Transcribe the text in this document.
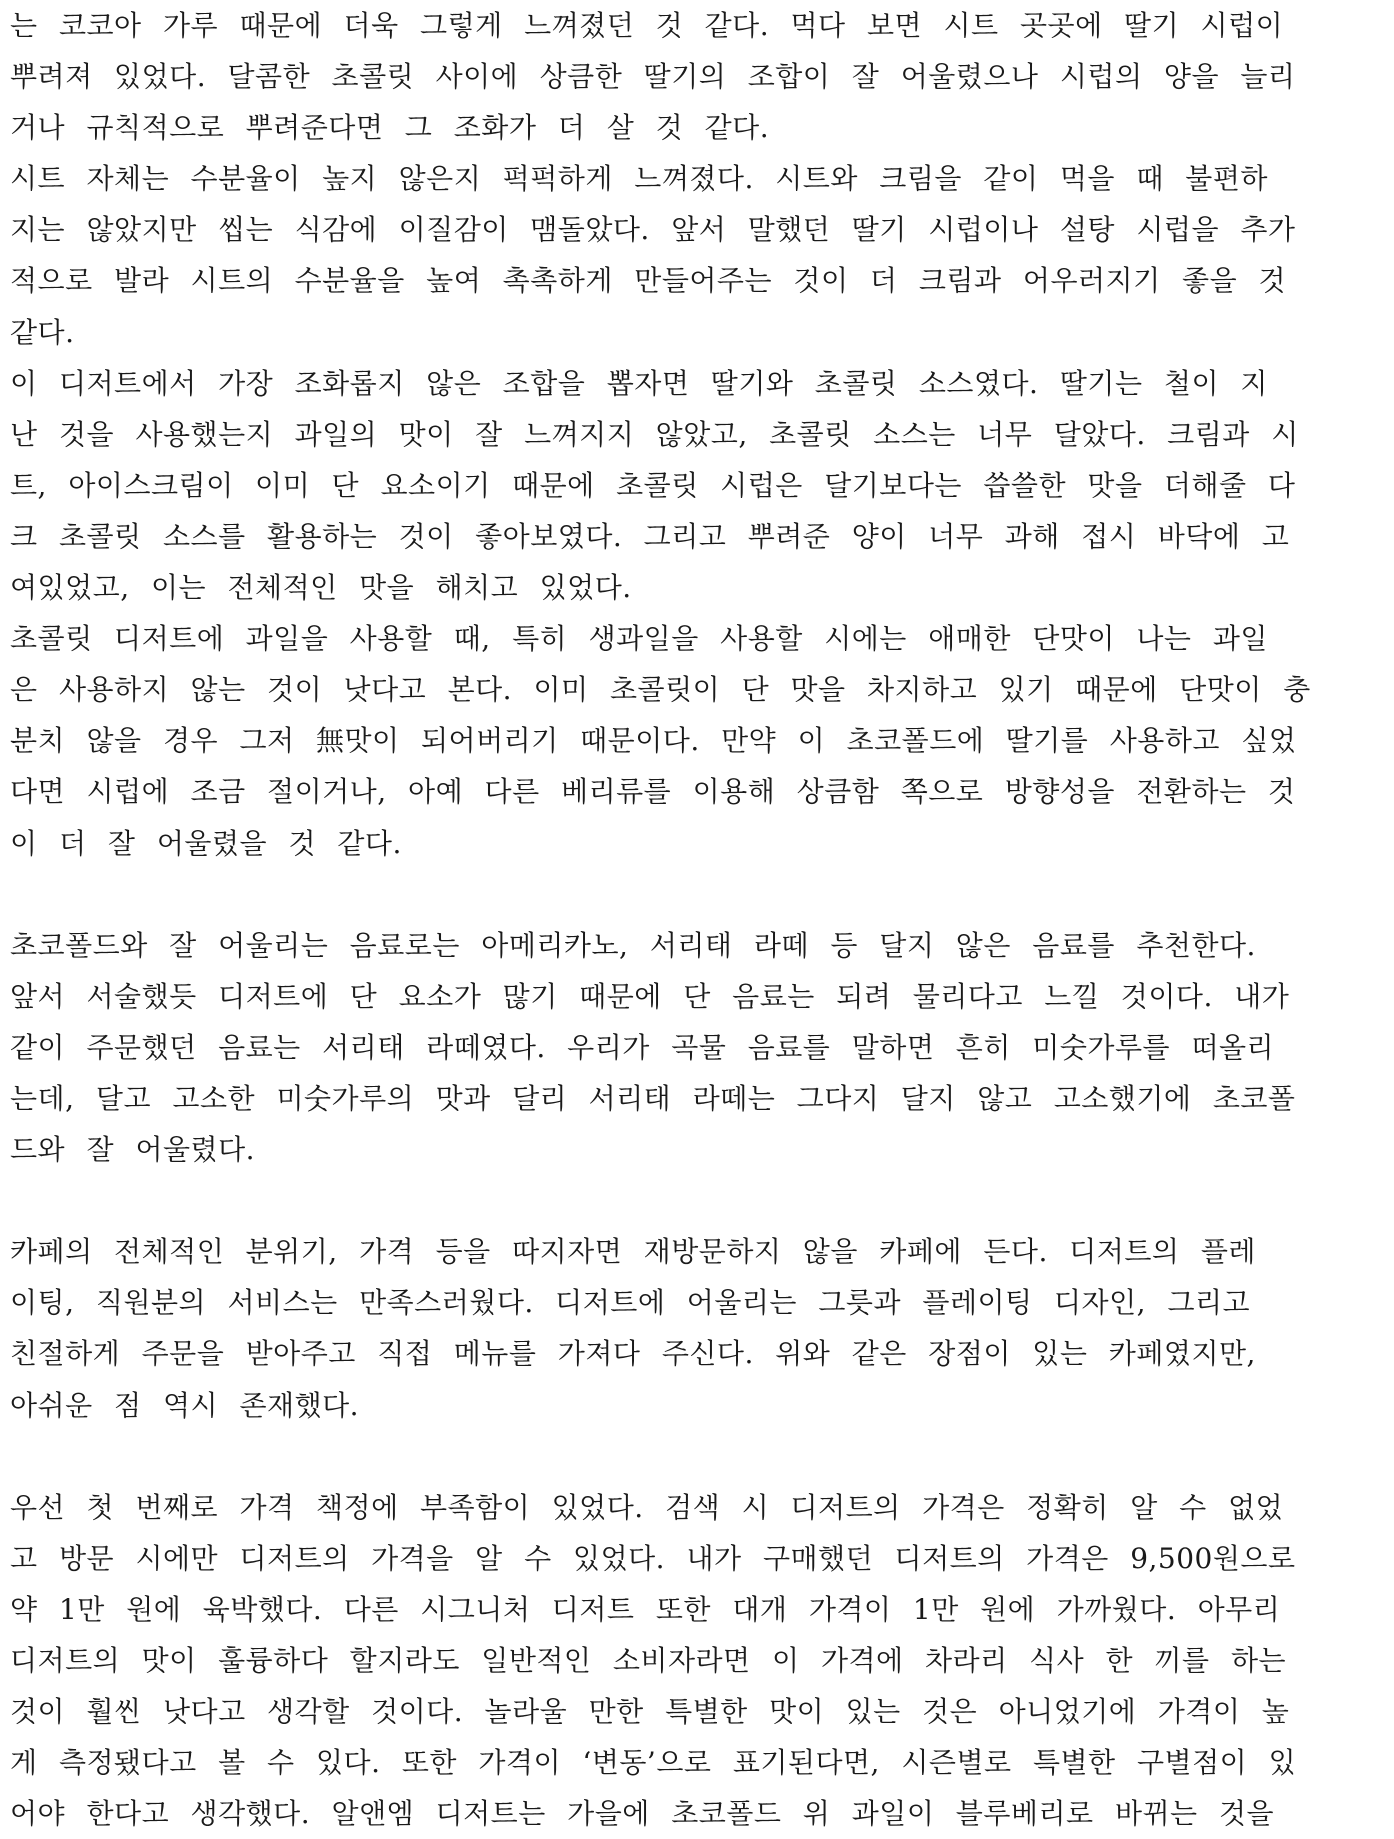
는 코코아 가루 때문에 더욱 그렇게 느껴졌던 것 같다. 먹다 보면 시트 곳곳에 딸기 시럽이
뿌려져 있었다. 달콤한 초콜릿 사이에 상큼한 딸기의 조합이 잘 어울렸으나 시럽의 양을 늘리
거나 규칙적으로 뿌려준다면 그 조화가 더 살 것 같다.
시트 자체는 수분율이 높지 않은지 퍽퍽하게 느껴졌다. 시트와 크림을 같이 먹을 때 불편하
지는 않았지만 씹는 식감에 이질감이 맴돌았다. 앞서 말했던 딸기 시럽이나 설탕 시럽을 추가
적으로 발라 시트의 수분율을 높여 촉촉하게 만들어주는 것이 더 크림과 어우러지기 좋을 것
같다.
이 디저트에서 가장 조화롭지 않은 조합을 뽑자면 딸기와 초콜릿 소스였다. 딸기는 철이 지
난 것을 사용했는지 과일의 맛이 잘 느껴지지 않았고, 초콜릿 소스는 너무 달았다. 크림과 시
트, 아이스크림이 이미 단 요소이기 때문에 초콜릿 시럽은 달기보다는 씁쓸한 맛을 더해줄 다
크 초콜릿 소스를 활용하는 것이 좋아보였다. 그리고 뿌려준 양이 너무 과해 접시 바닥에 고
여있었고, 이는 전체적인 맛을 해치고 있었다.
초콜릿 디저트에 과일을 사용할 때, 특히 생과일을 사용할 시에는 애매한 단맛이 나는 과일
은 사용하지 않는 것이 낫다고 본다. 이미 초콜릿이 단 맛을 차지하고 있기 때문에 단맛이 충
분치 않을 경우 그저 無맛이 되어버리기 때문이다. 만약 이 초코폴드에 딸기를 사용하고 싶었
다면 시럽에 조금 절이거나, 아예 다른 베리류를 이용해 상큼함 쪽으로 방향성을 전환하는 것
이 더 잘 어울렸을 것 같다.
초코폴드와 잘 어울리는 음료로는 아메리카노, 서리태 라떼 등 달지 않은 음료를 추천한다.
앞서 서술했듯 디저트에 단 요소가 많기 때문에 단 음료는 되려 물리다고 느낄 것이다. 내가
같이 주문했던 음료는 서리태 라떼였다. 우리가 곡물 음료를 말하면 흔히 미숫가루를 떠올리
는데, 달고 고소한 미숫가루의 맛과 달리 서리태 라떼는 그다지 달지 않고 고소했기에 초코폴
드와 잘 어울렸다.
카페의 전체적인 분위기, 가격 등을 따지자면 재방문하지 않을 카페에 든다. 디저트의 플레
이팅, 직원분의 서비스는 만족스러웠다. 디저트에 어울리는 그릇과 플레이팅 디자인, 그리고
친절하게 주문을 받아주고 직접 메뉴를 가져다 주신다. 위와 같은 장점이 있는 카페였지만,
아쉬운 점 역시 존재했다.
우선 첫 번째로 가격 책정에 부족함이 있었다. 검색 시 디저트의 가격은 정확히 알 수 없었
고 방문 시에만 디저트의 가격을 알 수 있었다. 내가 구매했던 디저트의 가격은 9,500원으로
약 1만 원에 육박했다. 다른 시그니처 디저트 또한 대개 가격이 1만 원에 가까웠다. 아무리
디저트의 맛이 훌륭하다 할지라도 일반적인 소비자라면 이 가격에 차라리 식사 한 끼를 하는
것이 훨씬 낫다고 생각할 것이다. 놀라울 만한 특별한 맛이 있는 것은 아니었기에 가격이 높
게 측정됐다고 볼 수 있다. 또한 가격이 ‘변동’으로 표기된다면, 시즌별로 특별한 구별점이 있
어야 한다고 생각했다. 알앤엠 디저트는 가을에 초코폴드 위 과일이 블루베리로 바뀌는 것을
